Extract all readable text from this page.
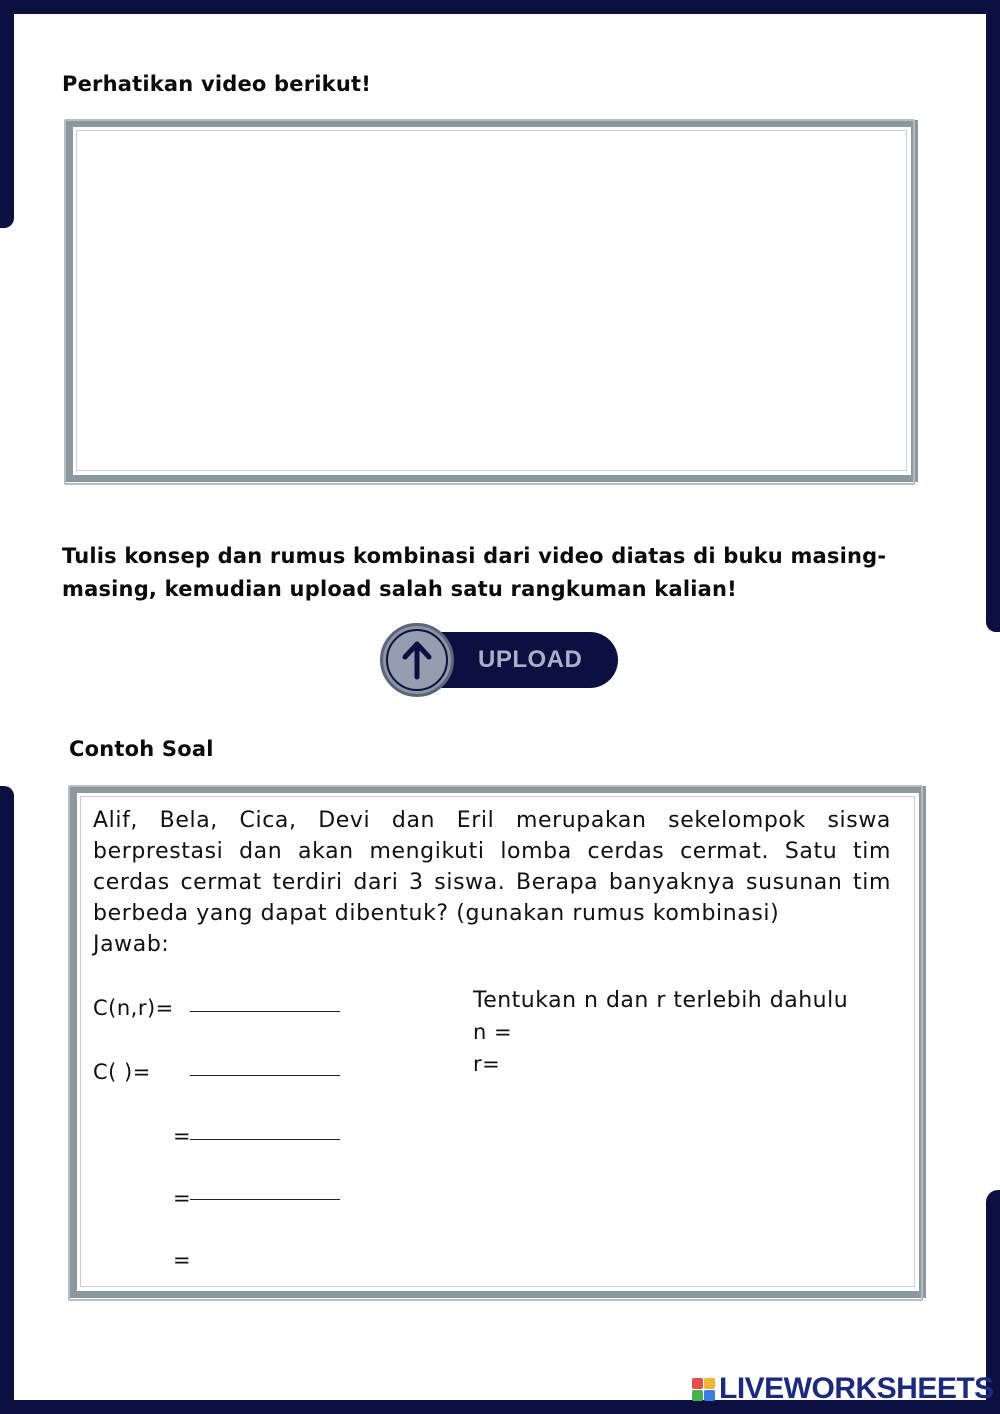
Perhatikan video berikut!
Tulis konsep dan rumus kombinasi dari video diatas di buku masing-masing, kemudian upload salah satu rangkuman kalian!
UPLOAD
Contoh Soal
Alif, Bela, Cica, Devi dan Eril merupakan sekelompok siswa berprestasi dan akan mengikuti lomba cerdas cermat. Satu tim cerdas cermat terdiri dari 3 siswa. Berapa banyaknya susunan tim berbeda yang dapat dibentuk? (gunakan rumus kombinasi)
Jawab:
C(n,r)=
C( )=
=
=
=
Tentukan n dan r terlebih dahulu
n =
r=
LIVEWORKSHEETS
